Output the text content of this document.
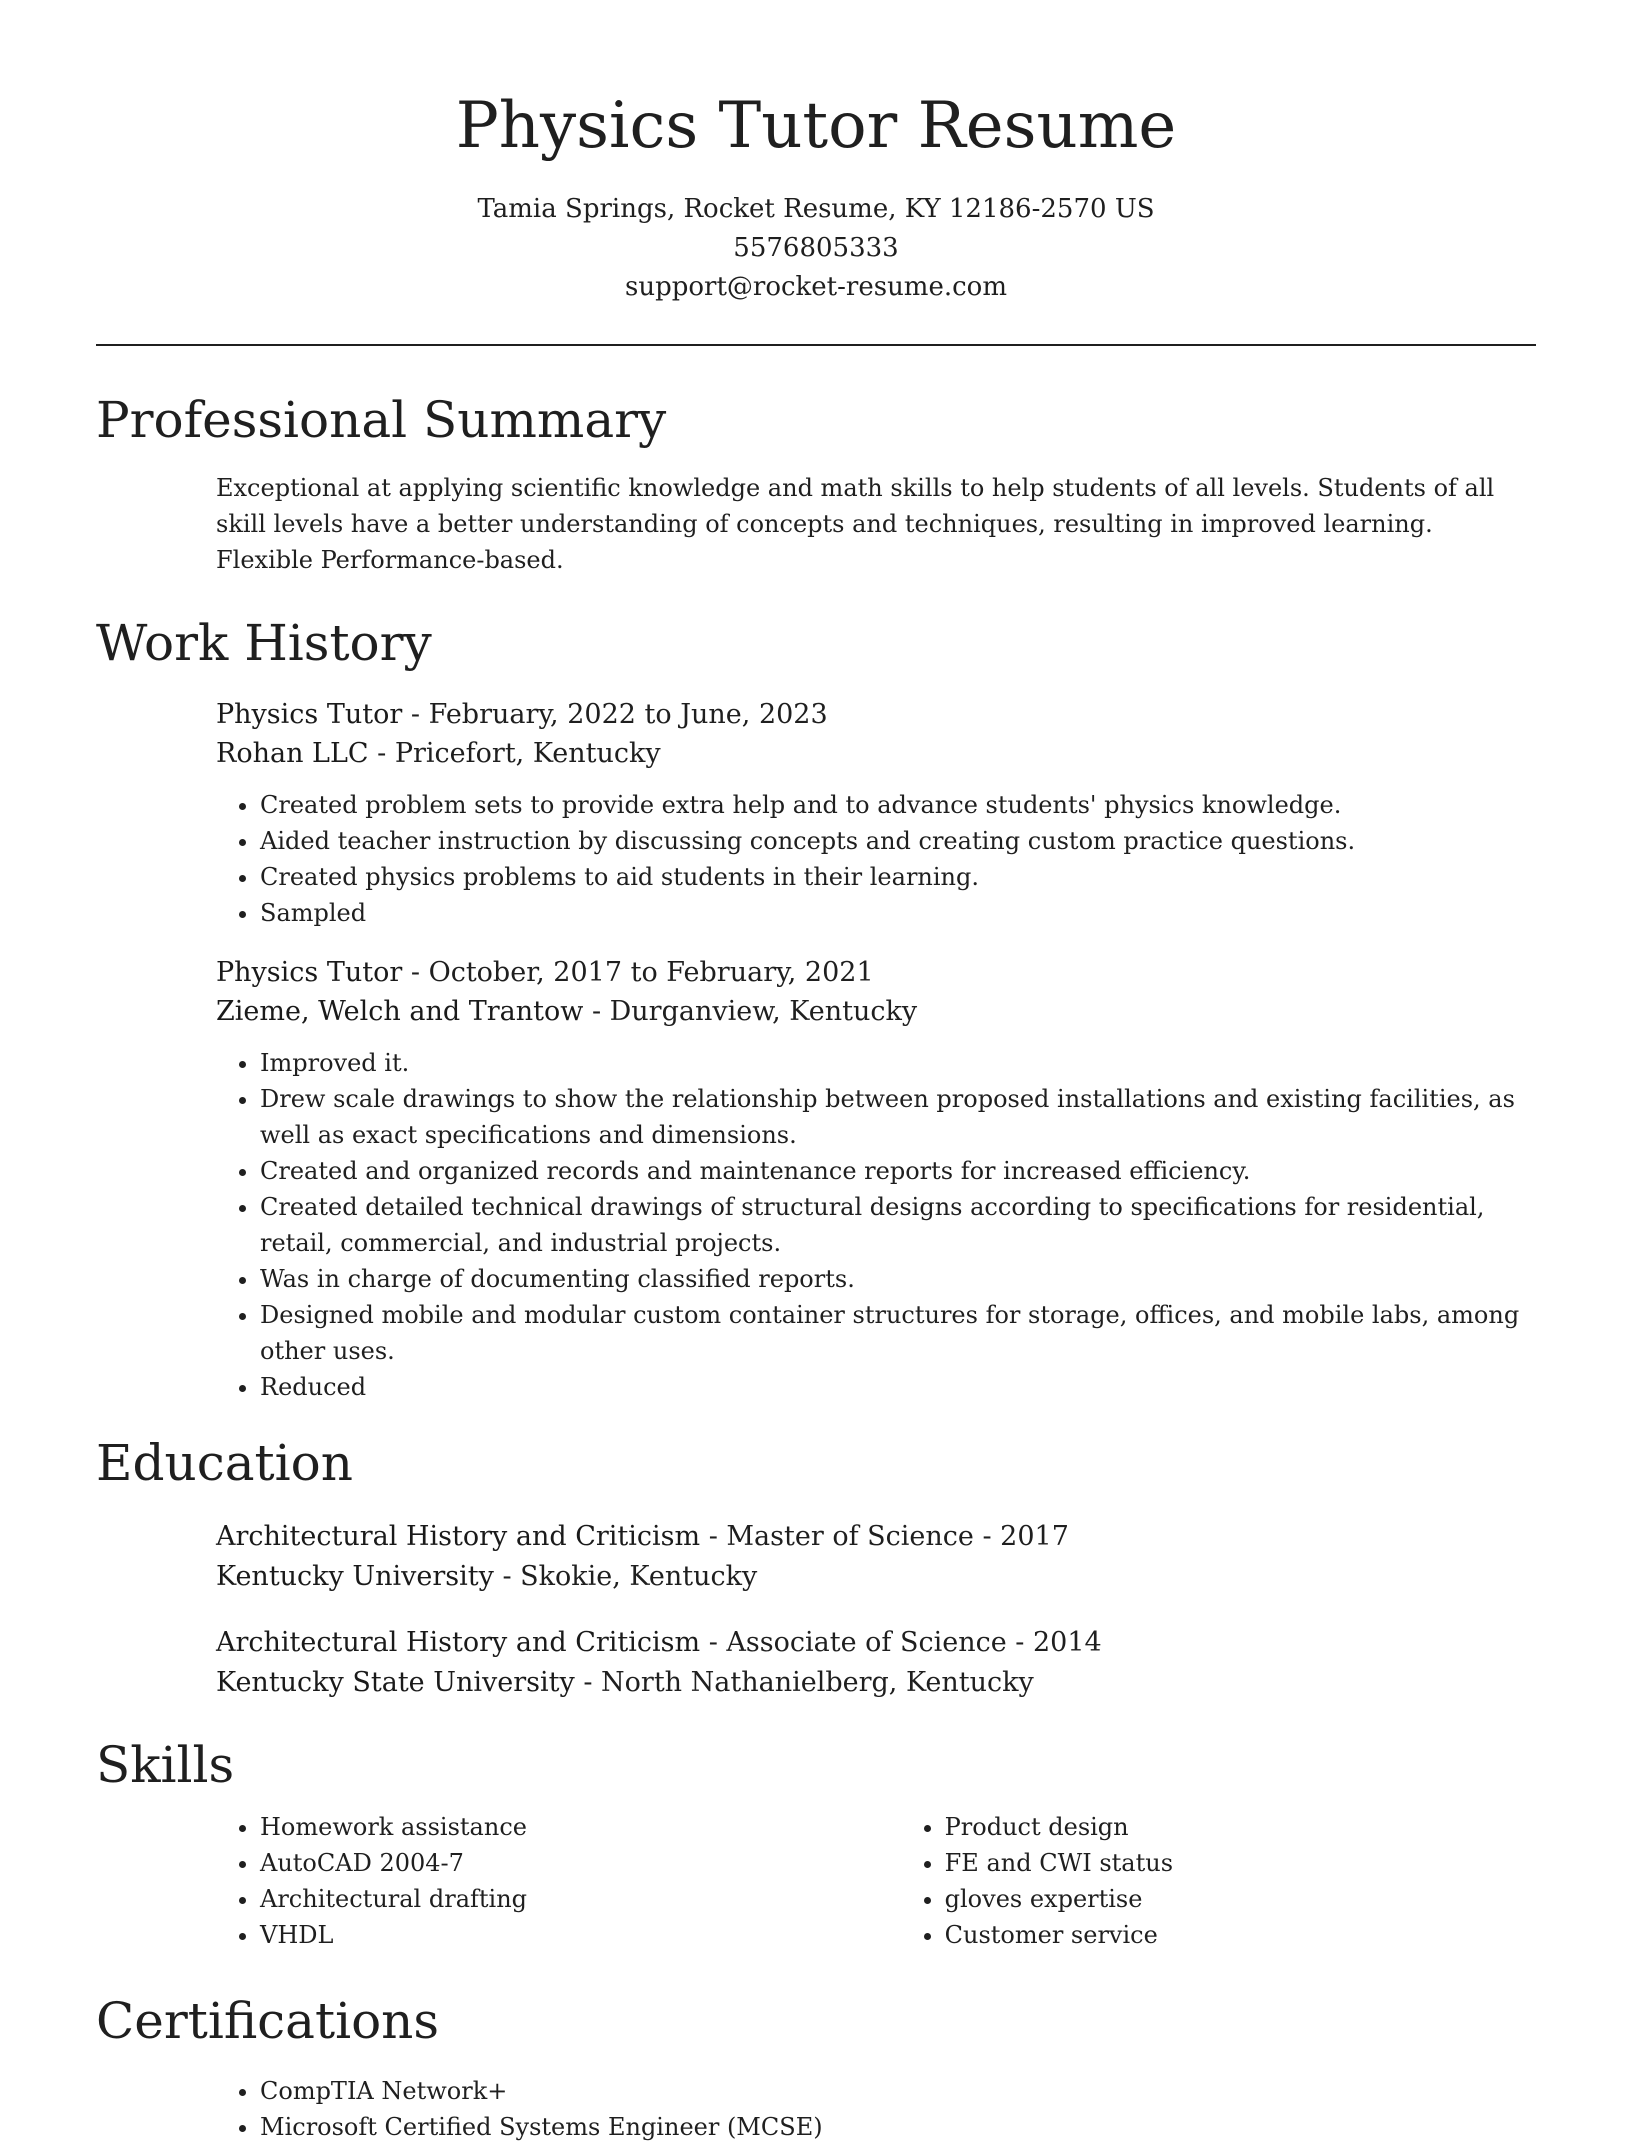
Physics Tutor Resume
Tamia Springs, Rocket Resume, KY 12186-2570 US
5576805333
support@rocket-resume.com
Professional Summary
Exceptional at applying scientific knowledge and math skills to help students of all levels. Students of all skill levels have a better understanding of concepts and techniques, resulting in improved learning. Flexible Performance-based.
Work History
Physics Tutor - February, 2022 to June, 2023
Rohan LLC - Pricefort, Kentucky
• Created problem sets to provide extra help and to advance students' physics knowledge.
• Aided teacher instruction by discussing concepts and creating custom practice questions.
• Created physics problems to aid students in their learning.
• Sampled
Physics Tutor - October, 2017 to February, 2021
Zieme, Welch and Trantow - Durganview, Kentucky
• Improved it.
• Drew scale drawings to show the relationship between proposed installations and existing facilities, as well as exact specifications and dimensions.
• Created and organized records and maintenance reports for increased efficiency.
• Created detailed technical drawings of structural designs according to specifications for residential, retail, commercial, and industrial projects.
• Was in charge of documenting classified reports.
• Designed mobile and modular custom container structures for storage, offices, and mobile labs, among other uses.
• Reduced
Education
Architectural History and Criticism - Master of Science - 2017
Kentucky University - Skokie, Kentucky
Architectural History and Criticism - Associate of Science - 2014
Kentucky State University - North Nathanielberg, Kentucky
Skills
• Homework assistance
• AutoCAD 2004-7
• Architectural drafting
• VHDL
• Product design
• FE and CWI status
• gloves expertise
• Customer service
Certifications
• CompTIA Network+
• Microsoft Certified Systems Engineer (MCSE)
